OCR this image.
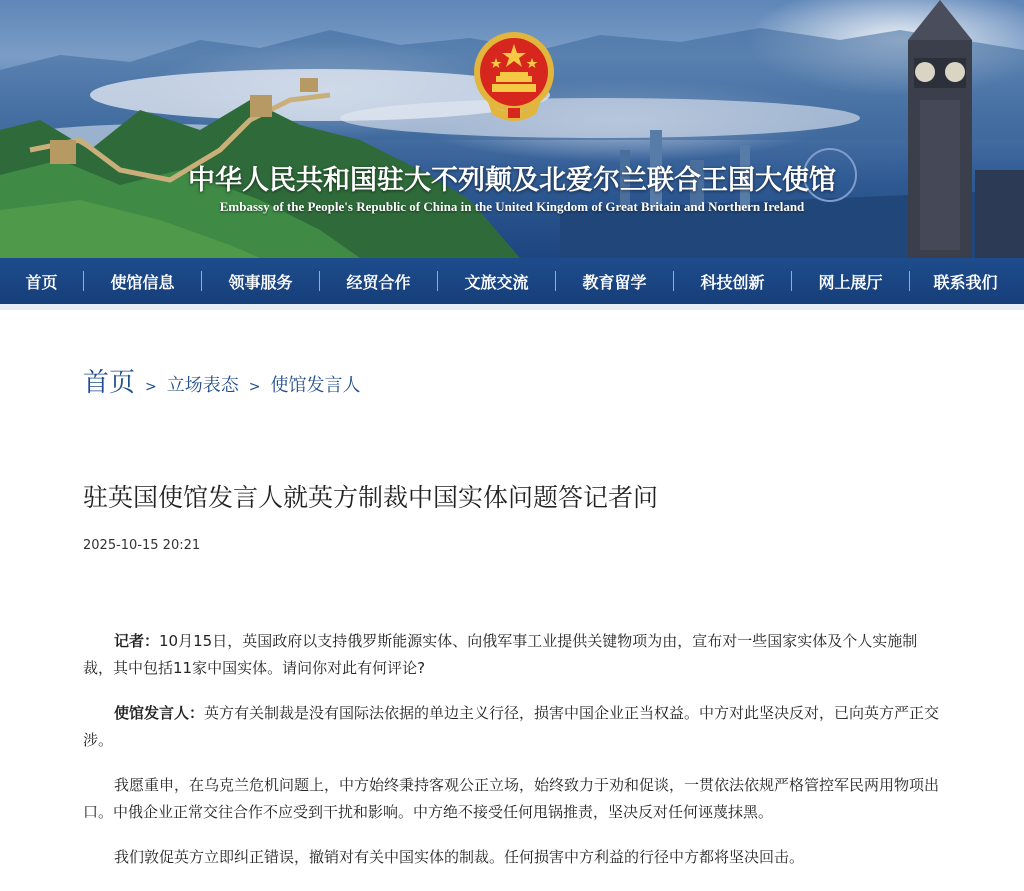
中华人民共和国驻大不列颠及北爱尔兰联合王国大使馆
Embassy of the People's Republic of China in the United Kingdom of Great Britain and Northern Ireland
首页	使馆信息	领事服务	经贸合作	文旅交流	教育留学	科技创新	网上展厅	联系我们
首页 > 立场表态 > 使馆发言人
驻英国使馆发言人就英方制裁中国实体问题答记者问
2025-10-15 20:21

记者：10月15日，英国政府以支持俄罗斯能源实体、向俄军事工业提供关键物项为由，宣布对一些国家实体及个人实施制裁，其中包括11家中国实体。请问你对此有何评论?

使馆发言人：英方有关制裁是没有国际法依据的单边主义行径，损害中国企业正当权益。中方对此坚决反对，已向英方严正交涉。

我愿重申，在乌克兰危机问题上，中方始终秉持客观公正立场，始终致力于劝和促谈，一贯依法依规严格管控军民两用物项出口。中俄企业正常交往合作不应受到干扰和影响。中方绝不接受任何甩锅推责，坚决反对任何诬蔑抹黑。

我们敦促英方立即纠正错误，撤销对有关中国实体的制裁。任何损害中方利益的行径中方都将坚决回击。
